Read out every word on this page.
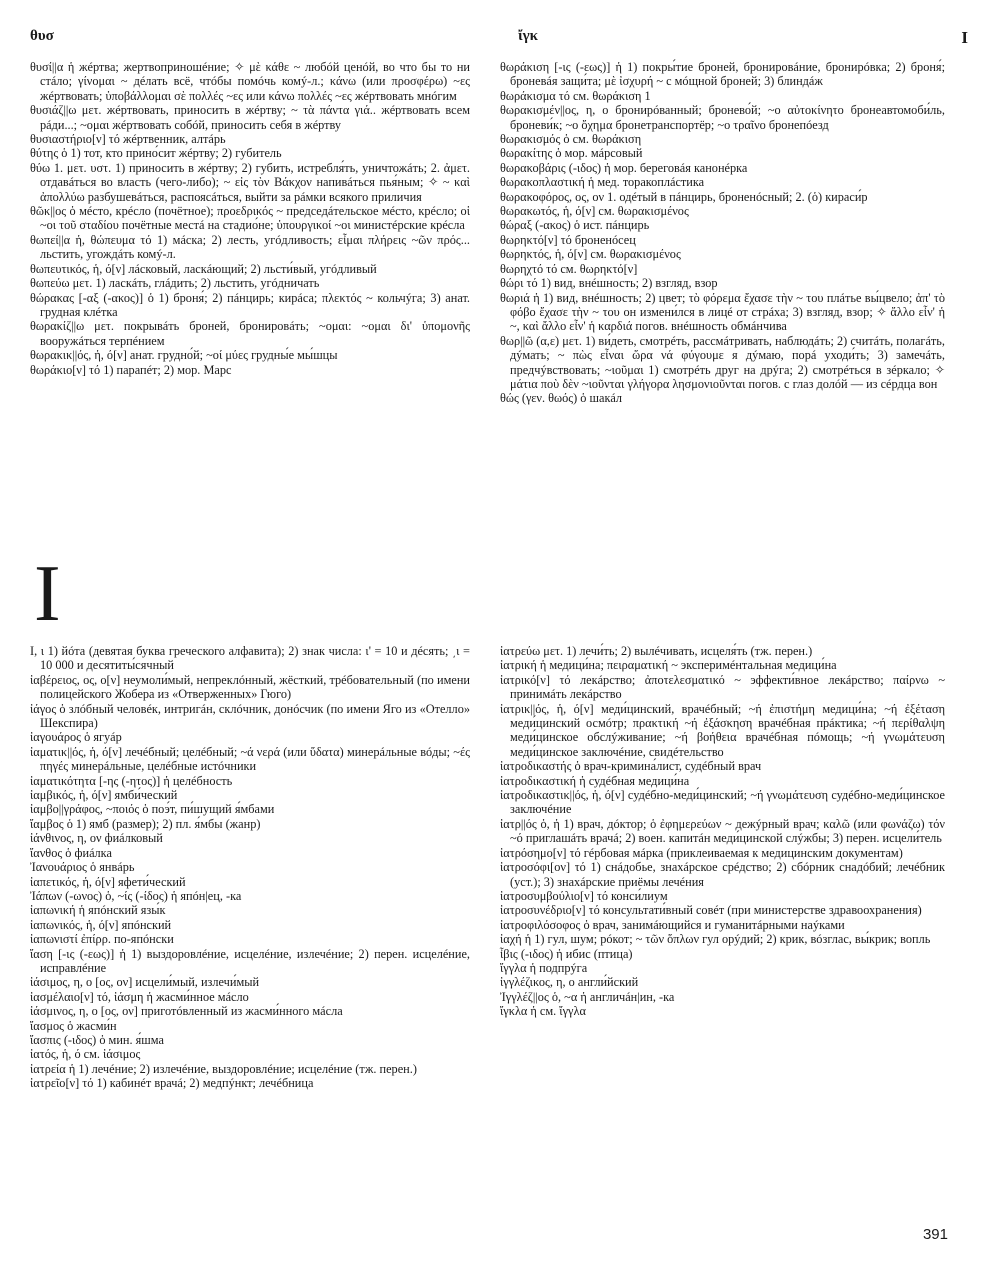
θυσ	ἴγκ	I

θυσί||α ἡ жéртва; жертвоприношéние; ✧ μὲ κάθε ~ любóй ценóй, во что бы то ни стáло; γίνομαι ~ дéлать всё, чтóбы помóчь комý-л.; κάνω (или προσφέρω) ~ες жéртвовать; ὑποβάλλομαι σὲ πολλές ~ες или κάνω πολλές ~ες жéртвовать мнóгим

θυσιάζ||ω μετ. жéртвовать, приносить в жéртву; ~ τὰ πάντα γιά.. жéртвовать всем рáди...; ~ομαι жéртвовать собóй, приносить себя в жéртву

θυσιαστήριο[ν] τό жéртвенник, алтáрь

θύτης ὁ 1) тот, кто прино́сит жéртву; 2) губитель

θύω 1. μετ. υστ. 1) приносить в жéртву; 2) губить, истребля́ть, уничтожáть; 2. ἀμετ. отдавáться во власть (чего-либо); ~ εἰς τὸν Βάκχον напивáться пья́ным; ✧ ~ καὶ ἀπολλύω разбушевáться, распоясáться, выйти за рáмки всякого приличия

θῶκ||ος ὁ мéсто, крéсло (почётное); προεδρικός ~ председáтельское мéсто, крéсло; οἱ ~οι τοῦ σταδίου почётные местá на стадио́не; ὑπουργικοί ~οι министéрские крéсла

θωπεί||α ἡ, θώπευμα τό 1) мáска; 2) лесть, угóдливость; εἶμαι πλήρεις ~ῶν πρός... льстить, угождáть комý-л.

θωπευτικός, ἡ, ό[ν] лáсковый, ласкáющий; 2) льсти́вый, угóдливый

θωπεύω μετ. 1) ласкáть, глáдить; 2) льстить, угóдничать

θώρακας [-αξ (-ακος)] ὁ 1) броня́; 2) пáнцирь; кирáса; πλεκτός ~ кольчýга; 3) анат. грудная клéтка

θωρακίζ||ω μετ. покрывáть броней, бронировáть; ~ομαι: ~ομαι δι' ὑπομονῆς вооружáться терпéнием

θωρακικ||ός, ἡ, ό[ν] анат. грудно́й; ~οί μύες грудны́е мы́шцы

θωράκιο[ν] τό 1) парапéт; 2) мор. Марс

θωράκιση [-ις (-εως)] ἡ 1) покры́тие броней, бронировáние, бронирóвка; 2) броня́; броневáя защи́та; μὲ ἰσχυρή ~ с мóщной броней; 3) блиндáж

θωράκισμα τό см. θωράκιση 1

θωρακισμέν||ος, η, ο бронирóванный; бронево́й; ~ο αὐτοκίνητο бронеавтомоби́ль, броневи́к; ~ο ὄχημα бронетранспортёр; ~ο τραῖνο бронепóезд

θωρακισμός ὁ см. θωράκιση

θωρακίτης ὁ мор. мáрсовый

θωρακοβάρις (-ιδος) ἡ мор. береговáя канонéрка

θωρακοπλαστική ἡ мед. торакоплáстика

θωρακοφόρος, ος, ον 1. одéтый в пáнцирь, броненóсный; 2. (ὁ) кираси́р

θωρακωτός, ἡ, ό[ν] см. θωρακισμένος

θώραξ (-ακος) ὁ ист. пáнцирь

θωρηκτό[ν] τό броненóсец

θωρηκτός, ἡ, ό[ν] см. θωρακισμένος

θωρηχτό τό см. θωρηκτό[ν]

θώρι τό 1) вид, внéшность; 2) взгляд, взор

θωριά ἡ 1) вид, внéшность; 2) цвет; τὸ φόρεμα ἔχασε τὴν ~ του плáтье вы́цвело; ἀπ' τὸ φόβο ἔχασε τὴν ~ του он измени́лся в лицé от стрáха; 3) взгляд, взор; ✧ ἄλλο εἶν' ἡ ~, καὶ ἄλλο εἶν' ἡ καρδιά погов. внéшность обмáнчива

θωρ||ῶ (α,ε) μετ. 1) ви́деть, смотрéть, рассмáтривать, наблюдáть; 2) считáть, полагáть, дýмать; ~ πὼς εἶναι ὥρα νά φύγουμε я дýмаю, порá уходи́ть; 3) замечáть, предчýвствовать; ~ιοῦμαι 1) смотрéть друг на дрýга; 2) смотрéться в зéркало; ✧ μάτια ποὺ δὲν ~ιοῦνται γλήγορα λησμονιοῦνται погов. с глаз долóй — из сéрдца вон

θώς (γεν. θωός) ὁ шакáл

I

Ι, ι 1) йóта (девятая буква греческого алфавита); 2) знак числа: ι' = 10 и дéсять; ͵ι = 10 000 и десятиты́сячный

ἰαβέρειος, ος, ο[ν] неумоли́мый, непреклóнный, жёсткий, трéбовательный (по имени полицейского Жобера из «Отверженных» Гюго)

ἰάγος ὁ злóбный человéк, интригáн, склóчник, донóсчик (по имени Яго из «Отелло» Шекспира)

ἰαγουάρος ὁ ягуáр

ἰαματικ||ός, ἡ, ό[ν] лечéбный; целéбный; ~ά νερά (или ὕδατα) минерáльные вóды; ~ές πηγές минерáльные, целéбные истóчники

ἰαματικότητα [-ης (-ητος)] ἡ целéбность

ἰαμβικός, ἡ, ό[ν] ямби́ческий

ἰαμβο||γράφος, ~ποιός ὁ поэ́т, пи́шущий я́мбами

ἴαμβος ὁ 1) ямб (размер); 2) пл. я́мбы (жанр)

ἰάνθινος, η, ον фиáлковый

ἴανθος ὁ фиáлка

Ἰανουάριος ὁ янвáрь

ἰαπετικός, ἡ, ό[ν] яфети́ческий

Ἰάπων (-ωνος) ὁ, ~ίς (-ίδος) ἡ япóн|ец, -ка

ἰαπωνική ἡ япóнский язы́к

ἰαπωνικός, ἡ, ό[ν] япóнский

ἰαπωνιστί ἐπίρρ. по-япóнски

ἴαση [-ις (-εως)] ἡ 1) выздоровлéние, исцелéние, излечéние; 2) перен. исцелéние, исправлéние

ἰάσιμος, η, ο [ος, ον] исцели́мый, излечи́мый

ἰασμέλαιο[ν] τό, ἰάσμη ἡ жасми́нное мáсло

ἰάσμινος, η, ο [ος, ον] приготóвленный из жасми́нного мáсла

ἴασμος ὁ жасми́н

ἴασπις (-ιδος) ὁ мин. я́шма

ἰατός, ἡ, ό см. ἰάσιμος

ἰατρεία ἡ 1) лечéние; 2) излечéние, выздоровлéние; исцелéние (тж. перен.)

ἰατρεῖο[ν] τό 1) кабинéт врачá; 2) медпýнкт; лечéбница

ἰατρεύω μετ. 1) лечи́ть; 2) вылéчивать, исцеля́ть (тж. перен.)

ἰατρική ἡ медици́на; πειραματική ~ эксперимéнтальная медици́на

ἰατρικό[ν] τό лекáрство; ἀποτελεσματικό ~ эффекти́вное лекáрство; παίρνω ~ принимáть лекáрство

ἰατρικ||ός, ἡ, ό[ν] меди́цинский, врачéбный; ~ή ἐπιστήμη медици́на; ~ή ἐξέταση меди́цинский осмóтр; πρακτική ~ή ἐξάσκηση врачéбная прáктика; ~ή περίθαλψη меди́цинское обслýживание; ~ή βοήθεια врачéбная пóмощь; ~ή γνωμάτευση меди́цинское заключéние, свидéтельство

ἰατροδικαστής ὁ врач-кримина́лист, судéбный врач

ἰατροδικαστική ἡ судéбная медици́на

ἰατροδικαστικ||ός, ἡ, ό[ν] судéбно-меди́цинский; ~ή γνωμάτευση судéбно-меди́цинское заключéние

ἰατρ||ός ὁ, ἡ 1) врач, дóктор; ὁ ἐφημερεύων ~ дежýрный врач; καλῶ (или φωνάζω) τόν ~ό приглашáть врачá; 2) воен. капитáн меди́цинской слýжбы; 3) перен. исцели́тель

ἰατρόσημο[ν] τό гéрбовая мáрка (приклеиваемая к медицинским документам)

ἰατροσόφι[ον] τό 1) снáдобье, знахáрское срéдство; 2) сбóрник снадóбий; лечéбник (уст.); 3) знахáрские приёмы лечéния

ἰατροσυμβούλιο[ν] τό конси́лиум

ἰατροσυνέδριο[ν] τό консультати́вный совéт (при министерстве здравоохранения)

ἰατροφιλόσοφος ὁ врач, занимáющийся и гуманитáрными наýками

ἰαχή ἡ 1) гул, шум; рóкот; ~ τῶν ὅπλων гул орýдий; 2) крик, вóзглас, вы́крик; вопль

ἶβις (-ιδος) ἡ ибис (птица)

ἴγγλα ἡ подпрýга

ἰγγλέζικος, η, ο англи́йский

Ἰγγλέζ||ος ὁ, ~α ἡ англичáн|ин, -ка

ἴγκλα ἡ см. ἴγγλα

391
